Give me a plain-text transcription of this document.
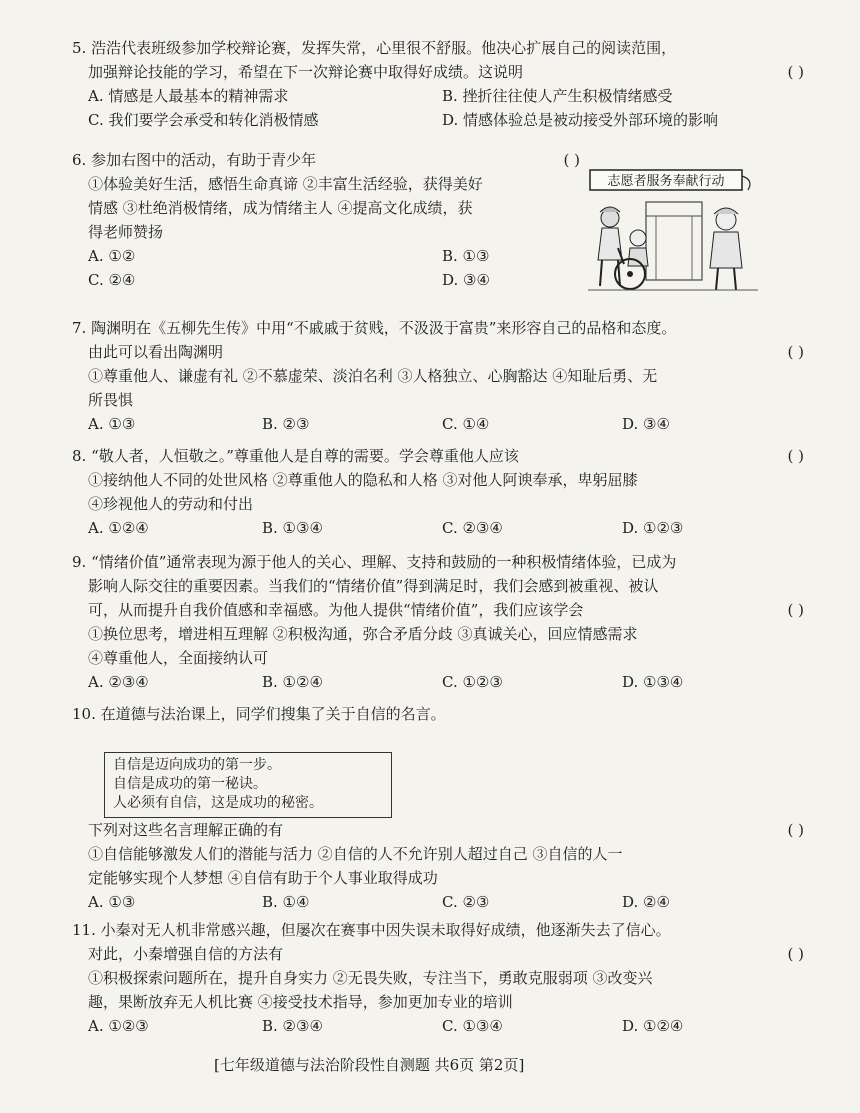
5. 浩浩代表班级参加学校辩论赛，发挥失常，心里很不舒服。他决心扩展自己的阅读范围，
加强辩论技能的学习，希望在下一次辩论赛中取得好成绩。这说明	( )
A. 情感是人最基本的精神需求	B. 挫折往往使人产生积极情绪感受
C. 我们要学会承受和转化消极情感	D. 情感体验总是被动接受外部环境的影响
6. 参加右图中的活动，有助于青少年	( )
①体验美好生活，感悟生命真谛 ②丰富生活经验，获得美好
情感 ③杜绝消极情绪，成为情绪主人 ④提高文化成绩，获
得老师赞扬
A. ①②	B. ①③
C. ②④	D. ③④
志愿者服务奉献行动
7. 陶渊明在《五柳先生传》中用“不戚戚于贫贱，不汲汲于富贵”来形容自己的品格和态度。
由此可以看出陶渊明	( )
①尊重他人、谦虚有礼 ②不慕虚荣、淡泊名利 ③人格独立、心胸豁达 ④知耻后勇、无
所畏惧
A. ①③	B. ②③	C. ①④	D. ③④
8. “敬人者，人恒敬之。”尊重他人是自尊的需要。学会尊重他人应该	( )
①接纳他人不同的处世风格 ②尊重他人的隐私和人格 ③对他人阿谀奉承，卑躬屈膝
④珍视他人的劳动和付出
A. ①②④	B. ①③④	C. ②③④	D. ①②③
9. “情绪价值”通常表现为源于他人的关心、理解、支持和鼓励的一种积极情绪体验，已成为
影响人际交往的重要因素。当我们的“情绪价值”得到满足时，我们会感到被重视、被认
可，从而提升自我价值感和幸福感。为他人提供“情绪价值”，我们应该学会	( )
①换位思考，增进相互理解 ②积极沟通，弥合矛盾分歧 ③真诚关心，回应情感需求
④尊重他人，全面接纳认可
A. ②③④	B. ①②④	C. ①②③	D. ①③④
10. 在道德与法治课上，同学们搜集了关于自信的名言。
自信是迈向成功的第一步。
自信是成功的第一秘诀。
人必须有自信，这是成功的秘密。
下列对这些名言理解正确的有	( )
①自信能够激发人们的潜能与活力 ②自信的人不允许别人超过自己 ③自信的人一
定能够实现个人梦想 ④自信有助于个人事业取得成功
A. ①③	B. ①④	C. ②③	D. ②④
11. 小秦对无人机非常感兴趣，但屡次在赛事中因失误未取得好成绩，他逐渐失去了信心。
对此，小秦增强自信的方法有	( )
①积极探索问题所在，提升自身实力 ②无畏失败，专注当下，勇敢克服弱项 ③改变兴
趣，果断放弃无人机比赛 ④接受技术指导，参加更加专业的培训
A. ①②③	B. ②③④	C. ①③④	D. ①②④
[七年级道德与法治阶段性自测题 共6页 第2页]
